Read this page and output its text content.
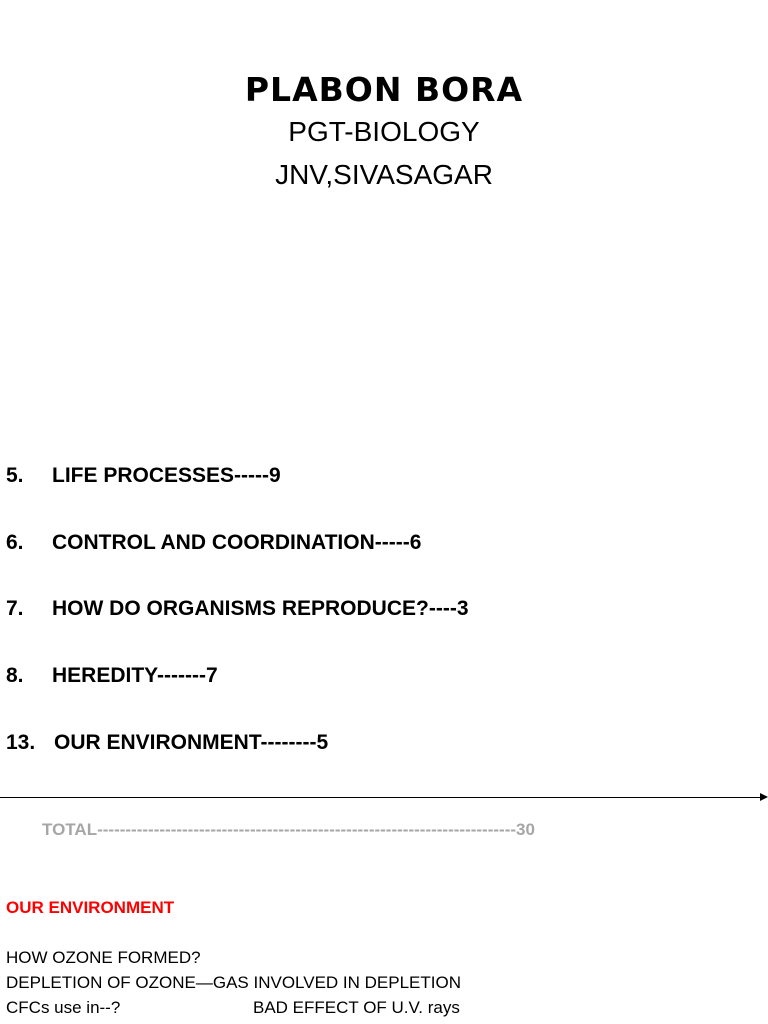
PLABON BORA
PGT-BIOLOGY
JNV,SIVASAGAR
5. LIFE PROCESSES-----9
6. CONTROL AND COORDINATION-----6
7. HOW DO ORGANISMS REPRODUCE?----3
8. HEREDITY-------7
13. OUR ENVIRONMENT--------5
TOTAL--------------------------------------------------------------------------30
OUR ENVIRONMENT
HOW OZONE FORMED?
DEPLETION OF OZONE—GAS INVOLVED IN DEPLETION
CFCs use in--?	BAD EFFECT OF U.V. rays
